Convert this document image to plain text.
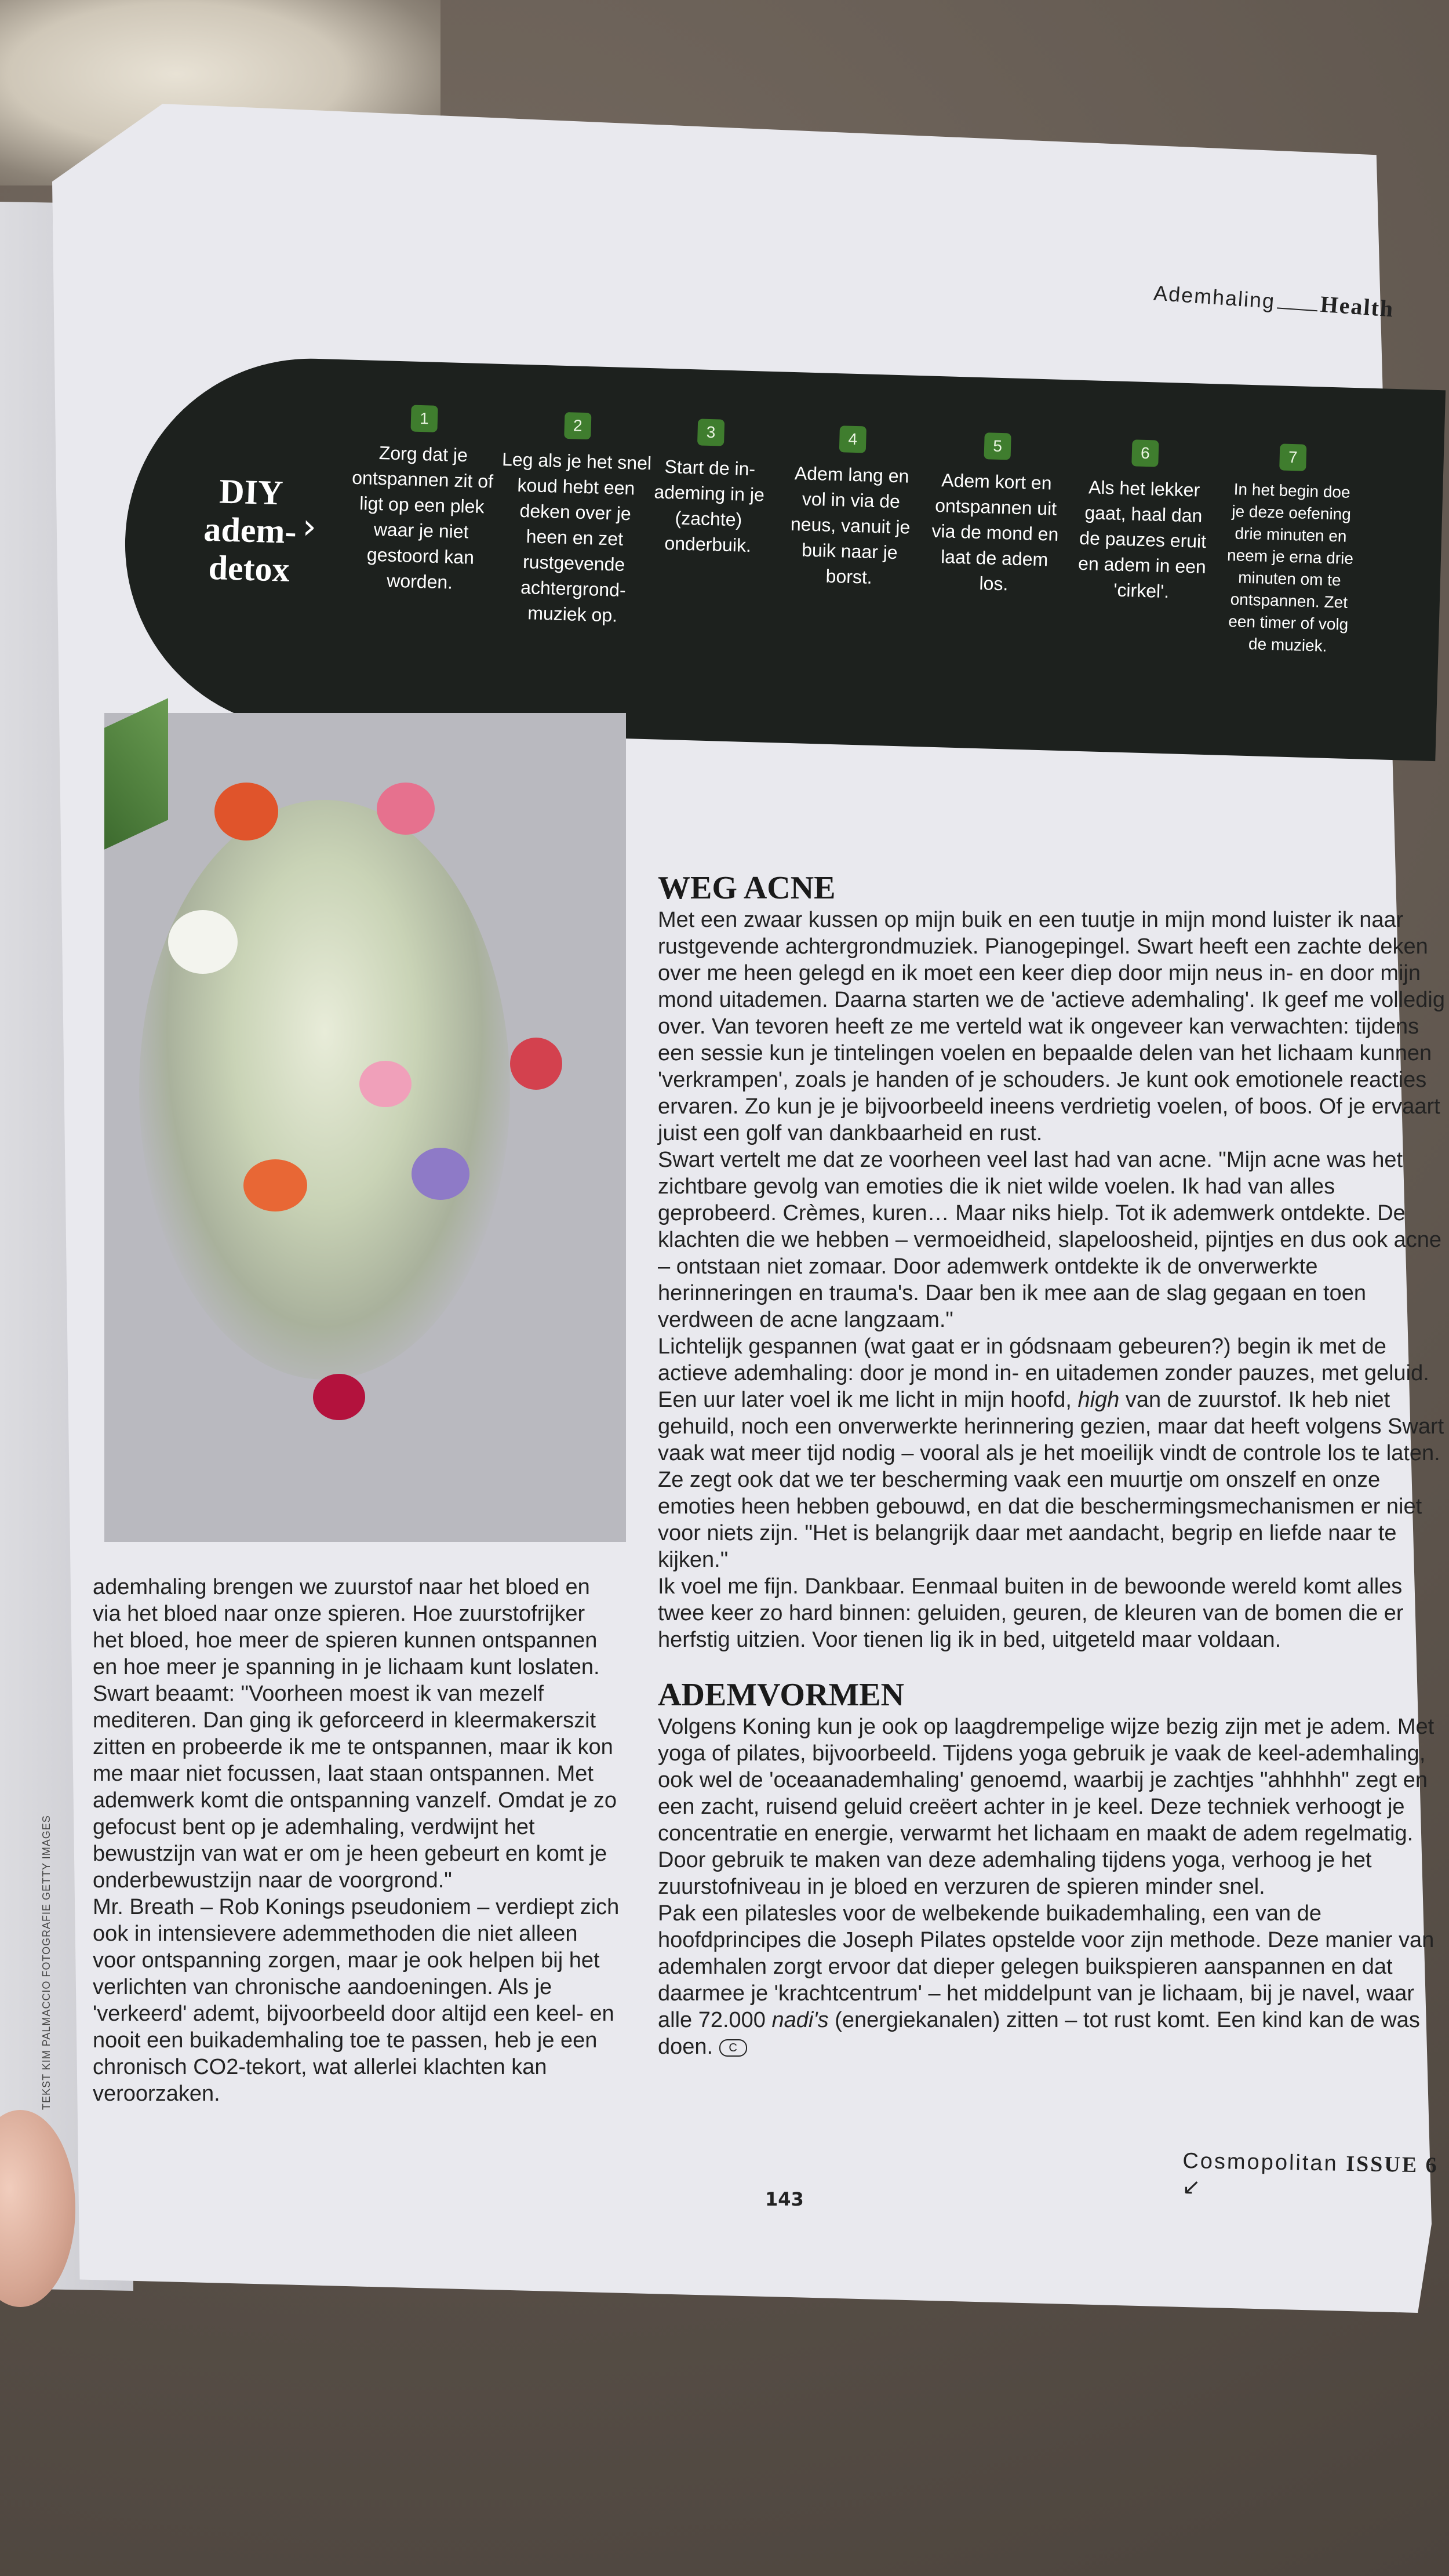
Ademhaling Health
DIY
adem-
detox
›
1
Zorg dat je ontspannen zit of ligt op een plek waar je niet gestoord kan worden.
2
Leg als je het snel koud hebt een deken over je heen en zet rustgevende achtergrond-muziek op.
3
Start de in-ademing in je (zachte) onderbuik.
4
Adem lang en vol in via de neus, vanuit je buik naar je borst.
5
Adem kort en ontspannen uit via de mond en laat de adem los.
6
Als het lekker gaat, haal dan de pauzes eruit en adem in een 'cirkel'.
7
In het begin doe je deze oefening drie minuten en neem je erna drie minuten om te ontspannen. Zet een timer of volg de muziek.

ademhaling brengen we zuurstof naar het bloed en via het bloed naar onze spieren. Hoe zuurstofrijker het bloed, hoe meer de spieren kunnen ontspannen en hoe meer je spanning in je lichaam kunt loslaten. Swart beaamt: "Voorheen moest ik van mezelf mediteren. Dan ging ik geforceerd in kleermakerszit zitten en probeerde ik me te ontspannen, maar ik kon me maar niet focussen, laat staan ontspannen. Met ademwerk komt die ontspanning vanzelf. Omdat je zo gefocust bent op je ademhaling, verdwijnt het bewustzijn van wat er om je heen gebeurt en komt je onderbewustzijn naar de voorgrond."

Mr. Breath – Rob Konings pseudoniem – verdiept zich ook in intensievere ademmethoden die niet alleen voor ontspanning zorgen, maar je ook helpen bij het verlichten van chronische aandoeningen. Als je 'verkeerd' ademt, bijvoorbeeld door altijd een keel- en nooit een buikademhaling toe te passen, heb je een chronisch CO2-tekort, wat allerlei klachten kan veroorzaken.

TEKST KIM PALMACCIO FOTOGRAFIE GETTY IMAGES
WEG ACNE

Met een zwaar kussen op mijn buik en een tuutje in mijn mond luister ik naar rustgevende achtergrondmuziek. Pianogepingel. Swart heeft een zachte deken over me heen gelegd en ik moet een keer diep door mijn neus in- en door mijn mond uitademen. Daarna starten we de 'actieve ademhaling'. Ik geef me volledig over. Van tevoren heeft ze me verteld wat ik ongeveer kan verwachten: tijdens een sessie kun je tintelingen voelen en bepaalde delen van het lichaam kunnen 'verkrampen', zoals je handen of je schouders. Je kunt ook emotionele reacties ervaren. Zo kun je je bijvoorbeeld ineens verdrietig voelen, of boos. Of je ervaart juist een golf van dankbaarheid en rust.

Swart vertelt me dat ze voorheen veel last had van acne. "Mijn acne was het zichtbare gevolg van emoties die ik niet wilde voelen. Ik had van alles geprobeerd. Crèmes, kuren… Maar niks hielp. Tot ik ademwerk ontdekte. De klachten die we hebben – vermoeidheid, slapeloosheid, pijntjes en dus ook acne – ontstaan niet zomaar. Door ademwerk ontdekte ik de onverwerkte herinneringen en trauma's. Daar ben ik mee aan de slag gegaan en toen verdween de acne langzaam."

Lichtelijk gespannen (wat gaat er in gódsnaam gebeuren?) begin ik met de actieve ademhaling: door je mond in- en uitademen zonder pauzes, met geluid. Een uur later voel ik me licht in mijn hoofd, high van de zuurstof. Ik heb niet gehuild, noch een onverwerkte herinnering gezien, maar dat heeft volgens Swart vaak wat meer tijd nodig – vooral als je het moeilijk vindt de controle los te laten. Ze zegt ook dat we ter bescherming vaak een muurtje om onszelf en onze emoties heen hebben gebouwd, en dat die beschermingsmechanismen er niet voor niets zijn. "Het is belangrijk daar met aandacht, begrip en liefde naar te kijken."

Ik voel me fijn. Dankbaar. Eenmaal buiten in de bewoonde wereld komt alles twee keer zo hard binnen: geluiden, geuren, de kleuren van de bomen die er herfstig uitzien. Voor tienen lig ik in bed, uitgeteld maar voldaan.

ADEMVORMEN

Volgens Koning kun je ook op laagdrempelige wijze bezig zijn met je adem. Met yoga of pilates, bijvoorbeeld. Tijdens yoga gebruik je vaak de keel-ademhaling, ook wel de 'oceaanademhaling' genoemd, waarbij je zachtjes "ahhhhh" zegt en een zacht, ruisend geluid creëert achter in je keel. Deze techniek verhoogt je concentratie en energie, verwarmt het lichaam en maakt de adem regelmatig. Door gebruik te maken van deze ademhaling tijdens yoga, verhoog je het zuurstofniveau in je bloed en verzuren de spieren minder snel.

Pak een pilatesles voor de welbekende buikademhaling, een van de hoofdprincipes die Joseph Pilates opstelde voor zijn methode. Deze manier van ademhalen zorgt ervoor dat dieper gelegen buikspieren aanspannen en dat daarmee je 'krachtcentrum' – het middelpunt van je lichaam, bij je navel, waar alle 72.000 nadi's (energiekanalen) zitten – tot rust komt. Een kind kan de was doen. C

Cosmopolitan ISSUE 6 ↙
143
